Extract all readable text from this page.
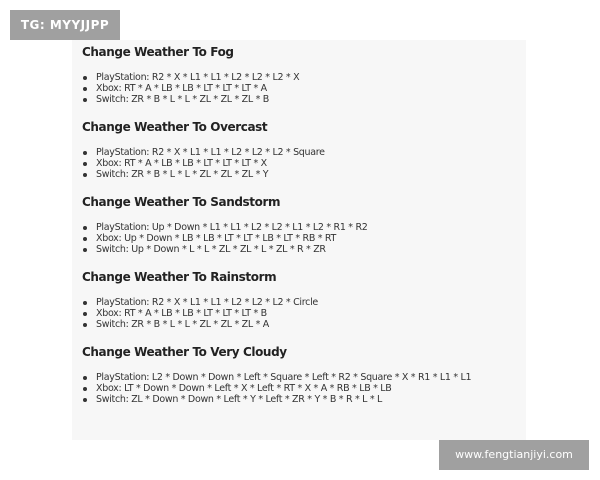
Change Weather To Fog
PlayStation: R2 * X * L1 * L1 * L2 * L2 * L2 * X
Xbox: RT * A * LB * LB * LT * LT * LT * A
Switch: ZR * B * L * L * ZL * ZL * ZL * B
Change Weather To Overcast
PlayStation: R2 * X * L1 * L1 * L2 * L2 * L2 * Square
Xbox: RT * A * LB * LB * LT * LT * LT * X
Switch: ZR * B * L * L * ZL * ZL * ZL * Y
Change Weather To Sandstorm
PlayStation: Up * Down * L1 * L1 * L2 * L2 * L1 * L2 * R1 * R2
Xbox: Up * Down * LB * LB * LT * LT * LB * LT * RB * RT
Switch: Up * Down * L * L * ZL * ZL * L * ZL * R * ZR
Change Weather To Rainstorm
PlayStation: R2 * X * L1 * L1 * L2 * L2 * L2 * Circle
Xbox: RT * A * LB * LB * LT * LT * LT * B
Switch: ZR * B * L * L * ZL * ZL * ZL * A
Change Weather To Very Cloudy
PlayStation: L2 * Down * Down * Left * Square * Left * R2 * Square * X * R1 * L1 * L1
Xbox: LT * Down * Down * Left * X * Left * RT * X * A * RB * LB * LB
Switch: ZL * Down * Down * Left * Y * Left * ZR * Y * B * R * L * L
TG: MYYJJPP
www.fengtianjiyi.com
